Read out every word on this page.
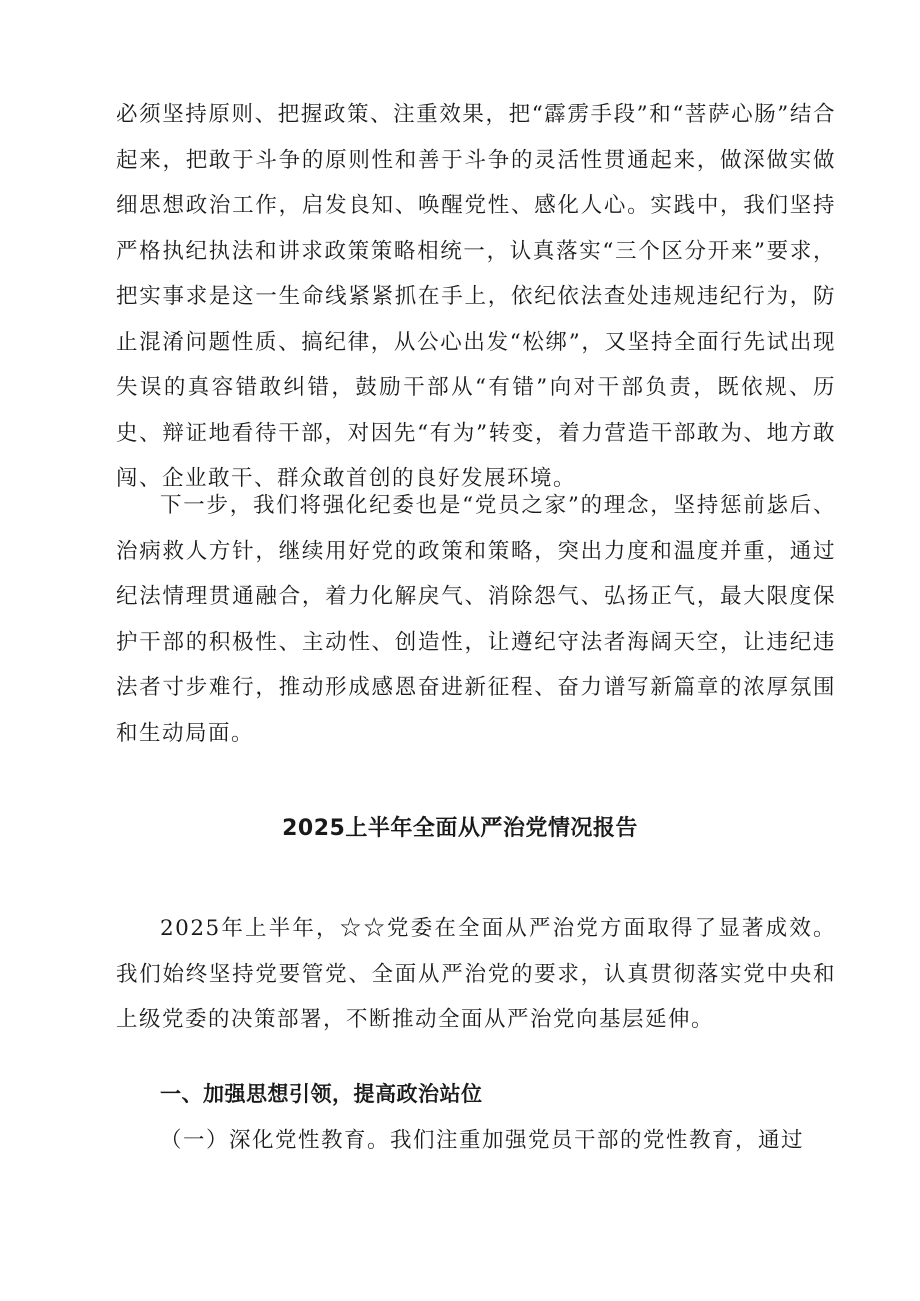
必须坚持原则、把握政策、注重效果，把“霹雳手段”和“菩萨心肠”结合起来，把敢于斗争的原则性和善于斗争的灵活性贯通起来，做深做实做细思想政治工作，启发良知、唤醒党性、感化人心。实践中，我们坚持严格执纪执法和讲求政策策略相统一，认真落实“三个区分开来”要求，把实事求是这一生命线紧紧抓在手上，依纪依法查处违规违纪行为，防止混淆问题性质、搞纪律，从公心出发“松绑”，又坚持全面行先试出现失误的真容错敢纠错，鼓励干部从“有错”向对干部负责，既依规、历史、辩证地看待干部，对因先“有为”转变，着力营造干部敢为、地方敢闯、企业敢干、群众敢首创的良好发展环境。

下一步，我们将强化纪委也是“党员之家”的理念，坚持惩前毖后、治病救人方针，继续用好党的政策和策略，突出力度和温度并重，通过纪法情理贯通融合，着力化解戾气、消除怨气、弘扬正气，最大限度保护干部的积极性、主动性、创造性，让遵纪守法者海阔天空，让违纪违法者寸步难行，推动形成感恩奋进新征程、奋力谱写新篇章的浓厚氛围和生动局面。

2025上半年全面从严治党情况报告

2025年上半年，☆☆党委在全面从严治党方面取得了显著成效。我们始终坚持党要管党、全面从严治党的要求，认真贯彻落实党中央和上级党委的决策部署，不断推动全面从严治党向基层延伸。

一、加强思想引领，提高政治站位

（一）深化党性教育。我们注重加强党员干部的党性教育，通过
